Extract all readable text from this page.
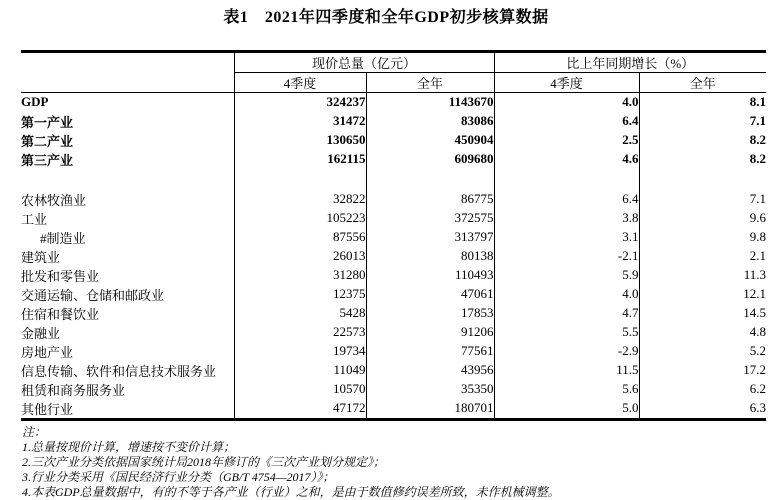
表1　2021年四季度和全年GDP初步核算数据
	现价总量（亿元）		比上年同期增长（%）	
	4季度	全年	4季度	全年
GDP	324237	1143670	4.0	8.1
第一产业	31472	83086	6.4	7.1
第二产业	130650	450904	2.5	8.2
第三产业	162115	609680	4.6	8.2

农林牧渔业	32822	86775	6.4	7.1
工业	105223	372575	3.8	9.6
#制造业	87556	313797	3.1	9.8
建筑业	26013	80138	-2.1	2.1
批发和零售业	31280	110493	5.9	11.3
交通运输、仓储和邮政业	12375	47061	4.0	12.1
住宿和餐饮业	5428	17853	4.7	14.5
金融业	22573	91206	5.5	4.8
房地产业	19734	77561	-2.9	5.2
信息传输、软件和信息技术服务业	11049	43956	11.5	17.2
租赁和商务服务业	10570	35350	5.6	6.2
其他行业	47172	180701	5.0	6.3
注：
1.总量按现价计算，增速按不变价计算；
2.三次产业分类依据国家统计局2018年修订的《三次产业划分规定》；
3.行业分类采用《国民经济行业分类（GB/T 4754—2017）》；
4.本表GDP总量数据中，有的不等于各产业（行业）之和，是由于数值修约误差所致，未作机械调整。
